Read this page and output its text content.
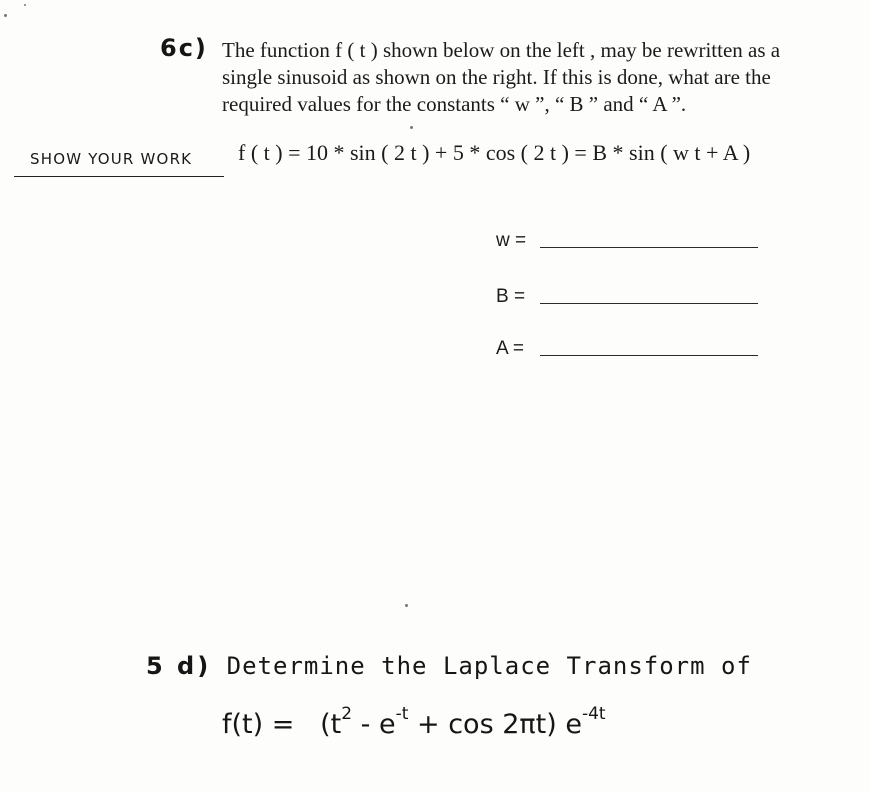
6c) The function f ( t ) shown below on the left , may be rewritten as a
single sinusoid as shown on the right. If this is done, what are the
required values for the constants “ w ”, “ B ” and “ A ”.
SHOW YOUR WORK f ( t ) = 10 * sin ( 2 t ) + 5 * cos ( 2 t ) = B * sin ( w t + A )
w =
B =
A =
5 d) Determine the Laplace Transform of
$f(t) = (t^2 - e^{-t} + \cos 2\pi t)$ $e^{-4t}$
